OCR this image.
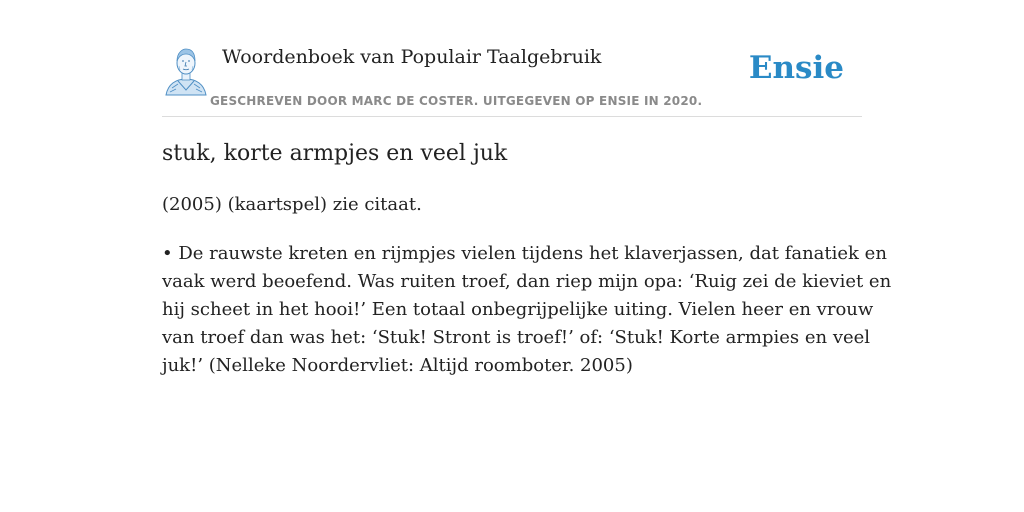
Woordenboek van Populair Taalgebruik
GESCHREVEN DOOR MARC DE COSTER. UITGEGEVEN OP ENSIE IN 2020.
Ensie
stuk, korte armpjes en veel juk
(2005) (kaartspel) zie citaat.
• De rauwste kreten en rijmpjes vielen tijdens het klaverjassen, dat fanatiek en
vaak werd beoefend. Was ruiten troef, dan riep mijn opa: ‘Ruig zei de kieviet en
hij scheet in het hooi!’ Een totaal onbegrijpelijke uiting. Vielen heer en vrouw
van troef dan was het: ‘Stuk! Stront is troef!’ of: ‘Stuk! Korte armpies en veel
juk!’ (Nelleke Noordervliet: Altijd roomboter. 2005)
